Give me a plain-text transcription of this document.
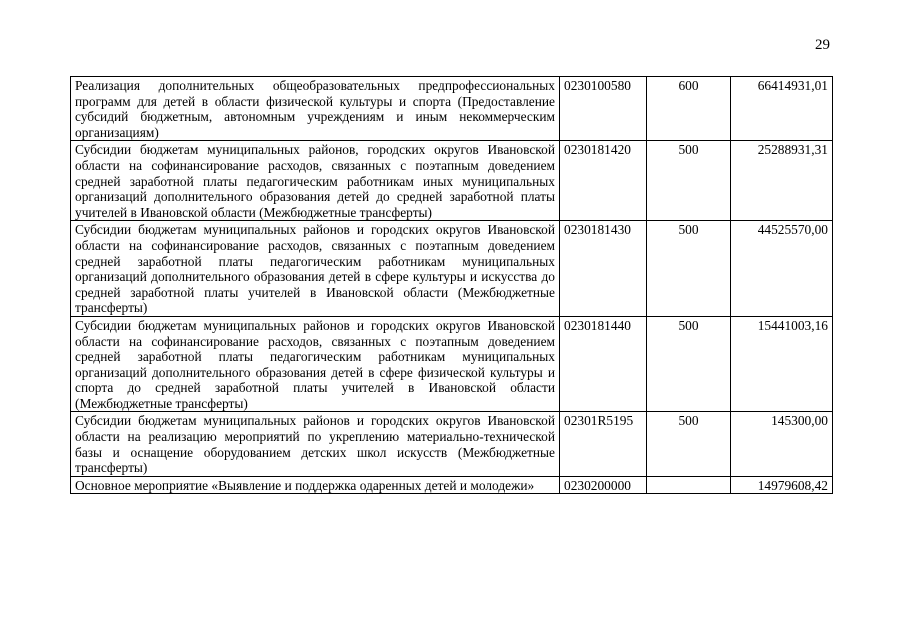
29
Реализация дополнительных общеобразовательных предпрофессиональных программ для детей в области физической культуры и спорта (Предоставление субсидий бюджетным, автономным учреждениям и иным некоммерческим организациям)	0230100580	600	66414931,01
Субсидии бюджетам муниципальных районов, городских округов Ивановской области на софинансирование расходов, связанных с поэтапным доведением средней заработной платы педагогическим работникам иных муниципальных организаций дополнительного образования детей до средней заработной платы учителей в Ивановской области (Межбюджетные трансферты)	0230181420	500	25288931,31
Субсидии бюджетам муниципальных районов и городских округов Ивановской области на софинансирование расходов, связанных с поэтапным доведением средней заработной платы педагогическим работникам муниципальных организаций дополнительного образования детей в сфере культуры и искусства до средней заработной платы учителей в Ивановской области (Межбюджетные трансферты)	0230181430	500	44525570,00
Субсидии бюджетам муниципальных районов и городских округов Ивановской области на софинансирование расходов, связанных с поэтапным доведением средней заработной платы педагогическим работникам муниципальных организаций дополнительного образования детей в сфере физической культуры и спорта до средней заработной платы учителей в Ивановской области (Межбюджетные трансферты)	0230181440	500	15441003,16
Субсидии бюджетам муниципальных районов и городских округов Ивановской области на реализацию мероприятий по укреплению материально-технической базы и оснащение оборудованием детских школ искусств (Межбюджетные трансферты)	02301R5195	500	145300,00
Основное мероприятие «Выявление и поддержка одаренных детей и молодежи»	0230200000		14979608,42
